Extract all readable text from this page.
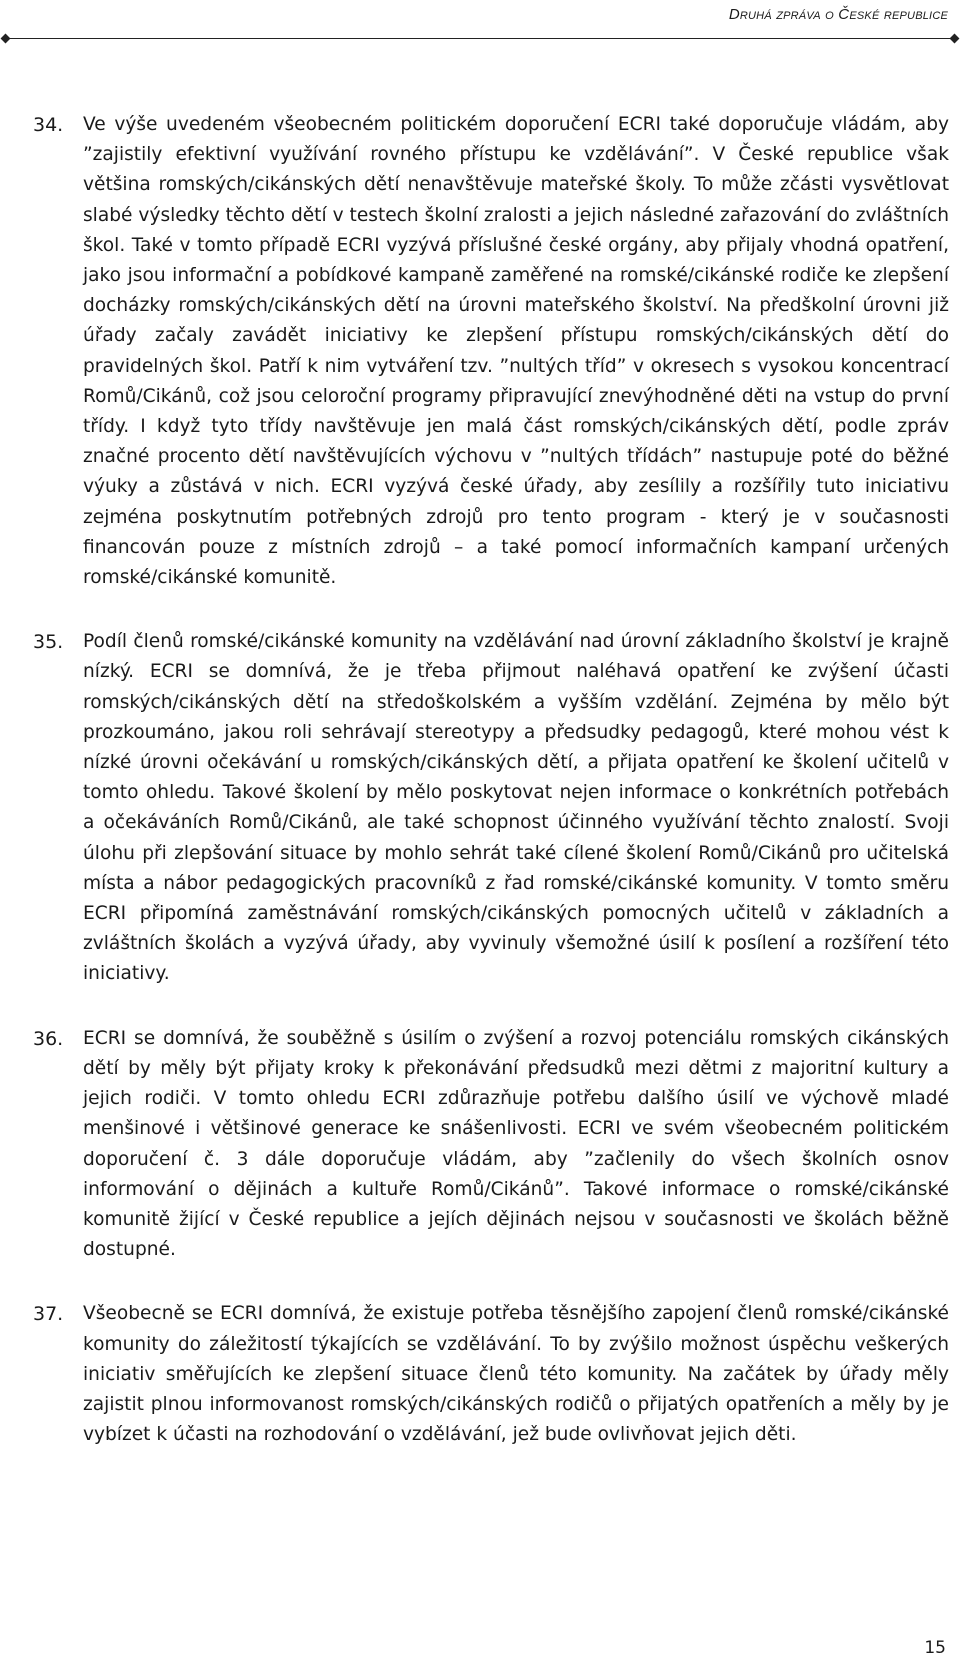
Druhá zpráva o České republice
34.	Ve výše uvedeném všeobecném politickém doporučení ECRI také doporučuje vládám, aby ”zajistily efektivní využívání rovného přístupu ke vzdělávání”. V České republice však většina romských/cikánských dětí nenavštěvuje mateřské školy. To může zčásti vysvětlovat slabé výsledky těchto dětí v testech školní zralosti a jejich následné zařazování do zvláštních škol. Také v tomto případě ECRI vyzývá příslušné české orgány, aby přijaly vhodná opatření, jako jsou informační a pobídkové kampaně zaměřené na romské/cikánské rodiče ke zlepšení docházky romských/cikánských dětí na úrovni mateřského školství. Na předškolní úrovni již úřady začaly zavádět iniciativy ke zlepšení přístupu romských/cikánských dětí do pravidelných škol. Patří k nim vytváření tzv. ”nultých tříd” v okresech s vysokou koncentrací Romů/Cikánů, což jsou celoroční programy připravující znevýhodněné děti na vstup do první třídy. I když tyto třídy navštěvuje jen malá část romských/cikánských dětí, podle zpráv značné procento dětí navštěvujících výchovu v ”nultých třídách” nastupuje poté do běžné výuky a zůstává v nich. ECRI vyzývá české úřady, aby zesílily a rozšířily tuto iniciativu zejména poskytnutím potřebných zdrojů pro tento program - který je v současnosti financován pouze z místních zdrojů – a také pomocí informačních kampaní určených romské/cikánské komunitě.

35.	Podíl členů romské/cikánské komunity na vzdělávání nad úrovní základního školství je krajně nízký. ECRI se domnívá, že je třeba přijmout naléhavá opatření ke zvýšení účasti romských/cikánských dětí na středoškolském a vyšším vzdělání. Zejména by mělo být prozkoumáno, jakou roli sehrávají stereotypy a předsudky pedagogů, které mohou vést k nízké úrovni očekávání u romských/cikánských dětí, a přijata opatření ke školení učitelů v tomto ohledu. Takové školení by mělo poskytovat nejen informace o konkrétních potřebách a očekáváních Romů/Cikánů, ale také schopnost účinného využívání těchto znalostí. Svoji úlohu při zlepšování situace by mohlo sehrát také cílené školení Romů/Cikánů pro učitelská místa a nábor pedagogických pracovníků z řad romské/cikánské komunity. V tomto směru ECRI připomíná zaměstnávání romských/cikánských pomocných učitelů v základních a zvláštních školách a vyzývá úřady, aby vyvinuly všemožné úsilí k posílení a rozšíření této iniciativy.

36.	ECRI se domnívá, že souběžně s úsilím o zvýšení a rozvoj potenciálu romských cikánských dětí by měly být přijaty kroky k překonávání předsudků mezi dětmi z majoritní kultury a jejich rodiči. V tomto ohledu ECRI zdůrazňuje potřebu dalšího úsilí ve výchově mladé menšinové i většinové generace ke snášenlivosti. ECRI ve svém všeobecném politickém doporučení č. 3 dále doporučuje vládám, aby ”začlenily do všech školních osnov informování o dějinách a kultuře Romů/Cikánů”. Takové informace o romské/cikánské komunitě žijící v České republice a jejích dějinách nejsou v současnosti ve školách běžně dostupné.

37.	Všeobecně se ECRI domnívá, že existuje potřeba těsnějšího zapojení členů romské/cikánské komunity do záležitostí týkajících se vzdělávání. To by zvýšilo možnost úspěchu veškerých iniciativ směřujících ke zlepšení situace členů této komunity. Na začátek by úřady měly zajistit plnou informovanost romských/cikánských rodičů o přijatých opatřeních a měly by je vybízet k účasti na rozhodování o vzdělávání, jež bude ovlivňovat jejich děti.

15
